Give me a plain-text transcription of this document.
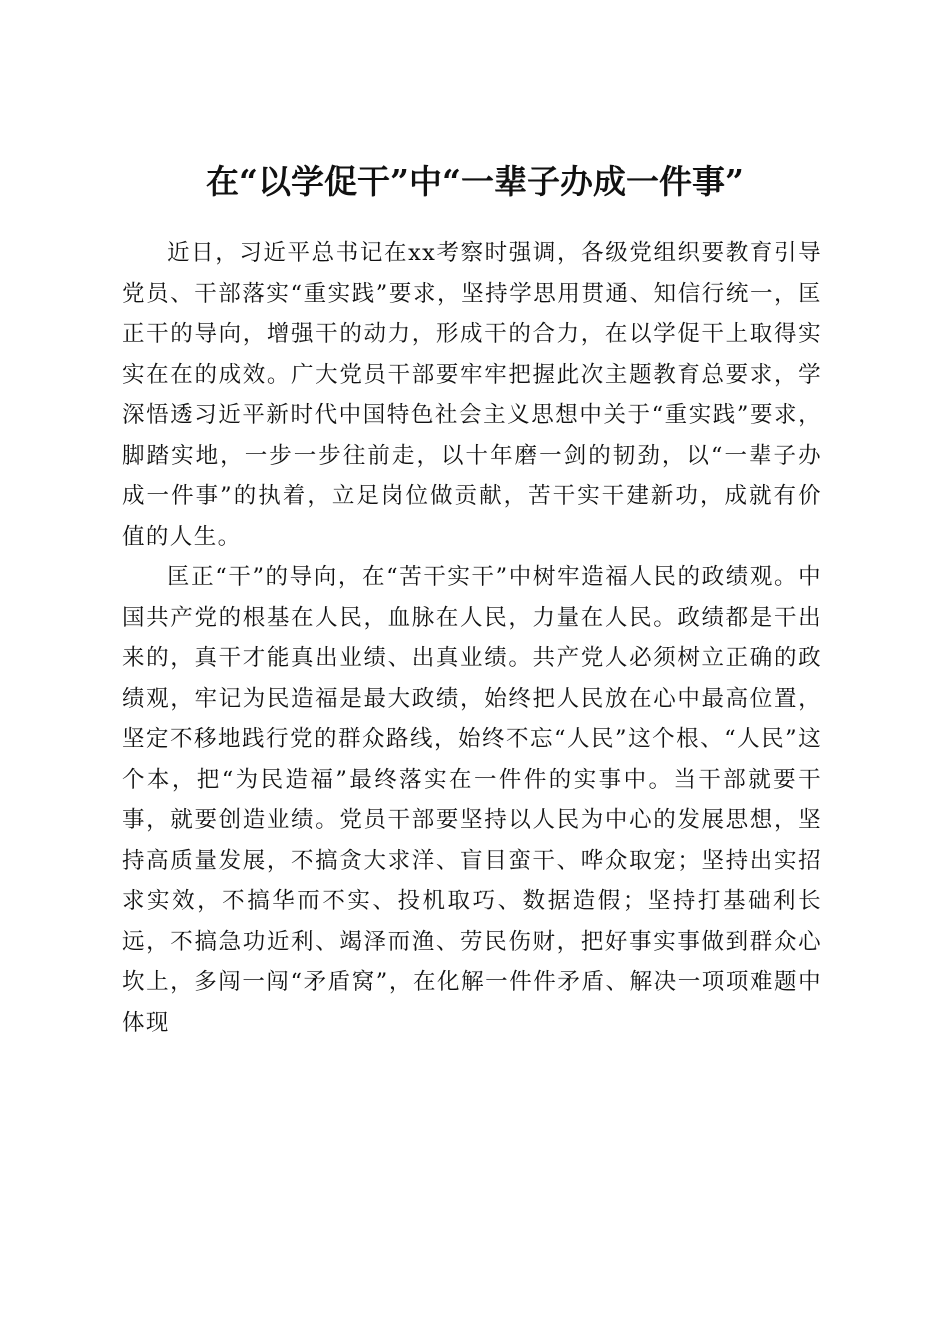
在“以学促干”中“一辈子办成一件事”

近日，习近平总书记在xx考察时强调，各级党组织要教育引导党员、干部落实“重实践”要求，坚持学思用贯通、知信行统一，匡正干的导向，增强干的动力，形成干的合力，在以学促干上取得实实在在的成效。广大党员干部要牢牢把握此次主题教育总要求，学深悟透习近平新时代中国特色社会主义思想中关于“重实践”要求，脚踏实地，一步一步往前走，以十年磨一剑的韧劲，以“一辈子办成一件事”的执着，立足岗位做贡献，苦干实干建新功，成就有价值的人生。

匡正“干”的导向，在“苦干实干”中树牢造福人民的政绩观。中国共产党的根基在人民，血脉在人民，力量在人民。政绩都是干出来的，真干才能真出业绩、出真业绩。共产党人必须树立正确的政绩观，牢记为民造福是最大政绩，始终把人民放在心中最高位置，坚定不移地践行党的群众路线，始终不忘“人民”这个根、“人民”这个本，把“为民造福”最终落实在一件件的实事中。当干部就要干事，就要创造业绩。党员干部要坚持以人民为中心的发展思想，坚持高质量发展，不搞贪大求洋、盲目蛮干、哗众取宠；坚持出实招求实效，不搞华而不实、投机取巧、数据造假；坚持打基础利长远，不搞急功近利、竭泽而渔、劳民伤财，把好事实事做到群众心坎上，多闯一闯“矛盾窝”，在化解一件件矛盾、解决一项项难题中体现
